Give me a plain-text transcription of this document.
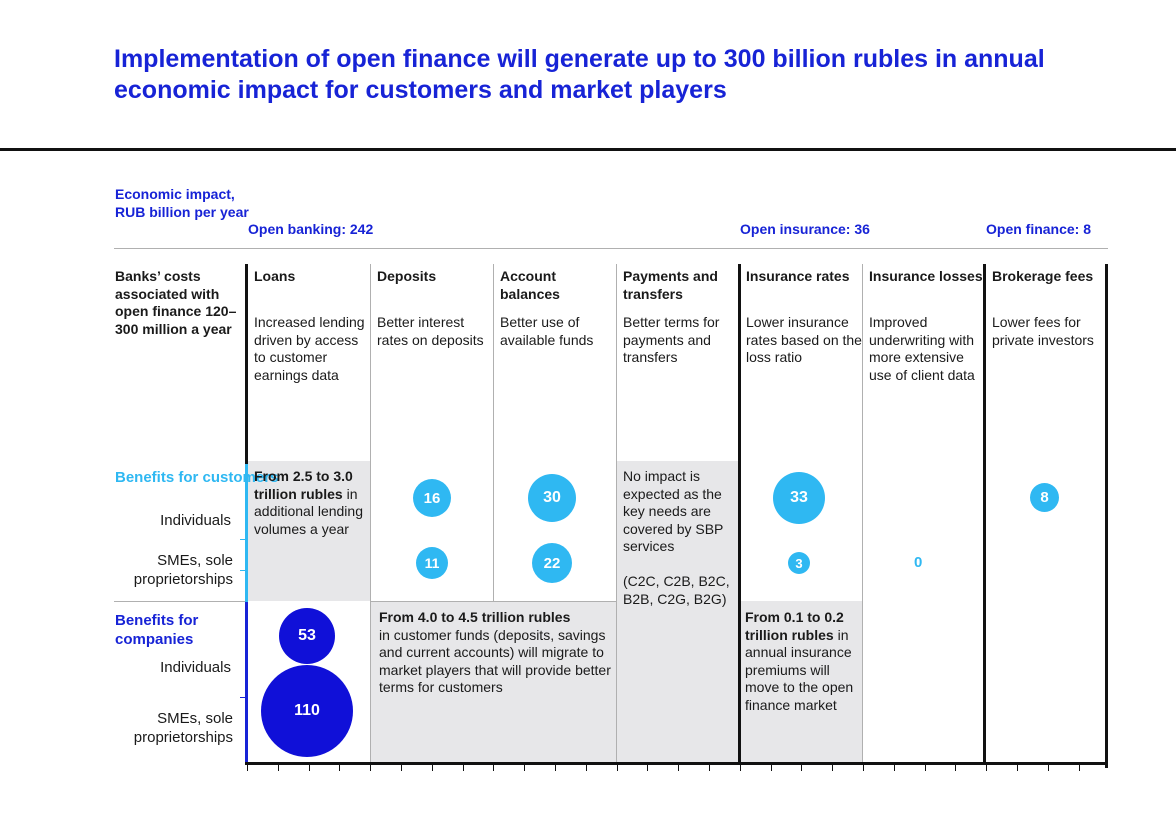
Implementation of open finance will generate up to 300 billion rubles in annual economic impact for customers and market players
Economic impact, RUB billion per year
Open banking: 242	Open insurance: 36	Open finance: 8
Banks’ costs associated with open finance 120–300 million a year
Benefits for customers
Individuals
SMEs, sole proprietorships
Benefits for companies
Individuals
SMEs, sole proprietorships
Loans
Increased lending driven by access to customer earnings data
Deposits
Better interest rates on deposits
Account balances
Better use of available funds
Payments and transfers
Better terms for payments and transfers
Insurance rates
Lower insurance rates based on the loss ratio
Insurance losses
Improved underwriting with more extensive use of client data
Brokerage fees
Lower fees for private investors
From 2.5 to 3.0 trillion rubles in additional lending volumes a year
No impact is expected as the key needs are covered by SBP services
(C2C, C2B, B2C, B2B, C2G, B2G)
From 4.0 to 4.5 trillion rubles
in customer funds (deposits, savings and current accounts) will migrate to market players that will provide better terms for customers
From 0.1 to 0.2 trillion rubles in annual insurance premiums will move to the open finance market
0
16
11
30
22
33
3
8
53
110
